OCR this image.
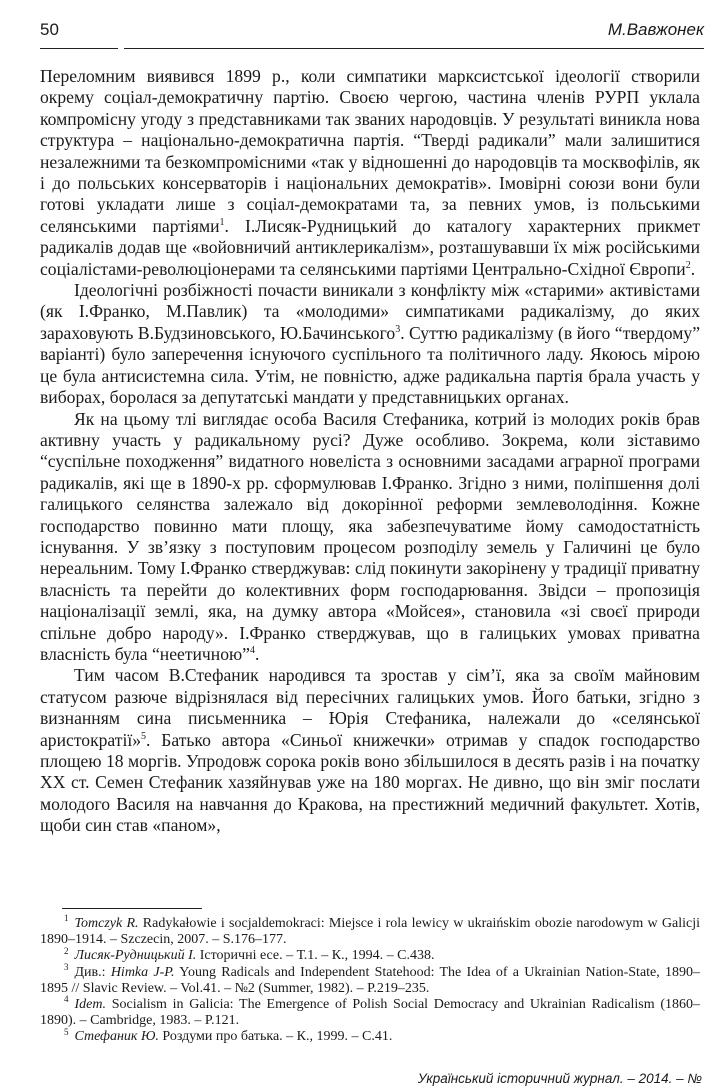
50	М.Вавжонек

Переломним виявився 1899 р., коли симпатики марксистської ідеології створили окрему соціал-демократичну партію. Своєю чергою, частина членів РУРП уклала компромісну угоду з представниками так званих народовців. У результаті виникла нова структура – національно-демократична партія. “Тверді радикали” мали залишитися незалежними та безкомпромісними «так у відношенні до народовців та москвофілів, як і до польських консерваторів і національних демократів». Імовірні союзи вони були готові укладати лише з соціал-демократами та, за певних умов, із польськими селянськими партіями$^1$. І.Лисяк-Рудницький до каталогу характерних прикмет радикалів додав ще «войовничий антиклерикалізм», розташувавши їх між російськими соціалістами-революціонерами та селянськими партіями Центрально-Східної Європи$^2$.

Ідеологічні розбіжності почасти виникали з конфлікту між «старими» активістами (як І.Франко, М.Павлик) та «молодими» симпатиками радикалізму, до яких зараховують В.Будзиновського, Ю.Бачинського$^3$. Суттю радикалізму (в його “твердому” варіанті) було заперечення існуючого суспільного та політичного ладу. Якоюсь мірою це була антисистемна сила. Утім, не повністю, адже радикальна партія брала участь у виборах, боролася за депутатські мандати у представницьких органах.

Як на цьому тлі виглядає особа Василя Стефаника, котрий із молодих років брав активну участь у радикальному русі? Дуже особливо. Зокрема, коли зіставимо “суспільне походження” видатного новеліста з основними засадами аграрної програми радикалів, які ще в 1890-х рр. сформулював І.Франко. Згідно з ними, поліпшення долі галицького селянства залежало від докорінної реформи землеволодіння. Кожне господарство повинно мати площу, яка забезпечуватиме йому самодостатність існування. У зв’язку з поступовим процесом розподілу земель у Галичині це було нереальним. Тому І.Франко стверджував: слід покинути закорінену у традиції приватну власність та перейти до колективних форм господарювання. Звідси – пропозиція націоналізації землі, яка, на думку автора «Мойсея», становила «зі своєї природи спільне добро народу». І.Франко стверджував, що в галицьких умовах приватна власність була “неетичною”$^4$.

Тим часом В.Стефаник народився та зростав у сім’ї, яка за своїм майновим статусом разюче відрізнялася від пересічних галицьких умов. Його батьки, згідно з визнанням сина письменника – Юрія Стефаника, належали до «селянської аристократії»$^5$. Батько автора «Синьої книжечки» отримав у спадок господарство площею 18 моргів. Упродовж сорока років воно збільшилося в десять разів і на початку ХХ ст. Семен Стефаник хазяйнував уже на 180 моргах. Не дивно, що він зміг послати молодого Василя на навчання до Кракова, на престижний медичний факультет. Хотів, щоби син став «паном»,

$^1$ Tomczyk R. Radykałowie i socjaldemokraci: Miejsce i rola lewicy w ukraińskim obozie narodowym w Galicji 1890–1914. – Szczecin, 2007. – S.176–177.

$^2$ Лисяк-Рудницький І. Історичні есе. – Т.1. – К., 1994. – С.438.

$^3$ Див.: Himka J-P. Young Radicals and Independent Statehood: The Idea of a Ukrainian Nation-State, 1890–1895 // Slavic Review. – Vol.41. – №2 (Summer, 1982). – P.219–235.

$^4$ Idem. Socialism in Galicia: The Emergence of Polish Social Democracy and Ukrainian Radicalism (1860–1890). – Cambridge, 1983. – P.121.

$^5$ Стефаник Ю. Роздуми про батька. – К., 1999. – С.41.

Український історичний журнал. – 2014. – №
